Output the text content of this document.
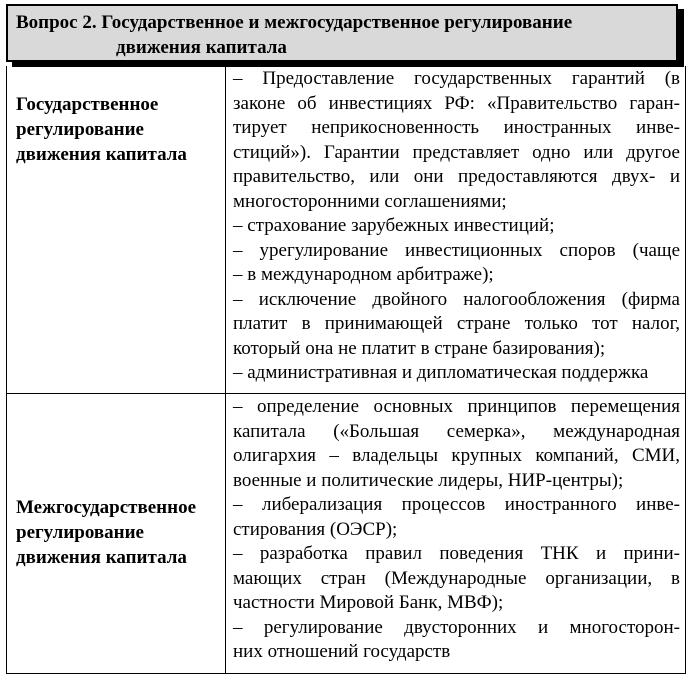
Вопрос 2. Государственное и межгосударственное регулирование
движения капитала
Государственное
регулирование
движения капитала
– Предоставление государственных гарантий (в
законе об инвестициях РФ: «Правительство гаран-
тирует неприкосновенность иностранных инве-
стиций»). Гарантии представляет одно или другое
правительство, или они предоставляются двух- и
многосторонними соглашениями;
– страхование зарубежных инвестиций;
– урегулирование инвестиционных споров (чаще
– в международном арбитраже);
– исключение двойного налогообложения (фирма
платит в принимающей стране только тот налог,
который она не платит в стране базирования);
– административная и дипломатическая поддержка
Межгосударственное
регулирование
движения капитала
– определение основных принципов перемещения
капитала («Большая семерка», международная
олигархия – владельцы крупных компаний, СМИ,
военные и политические лидеры, НИР-центры);
– либерализация процессов иностранного инве-
стирования (ОЭСР);
– разработка правил поведения ТНК и прини-
мающих стран (Международные организации, в
частности Мировой Банк, МВФ);
– регулирование двусторонних и многосторон-
них отношений государств
